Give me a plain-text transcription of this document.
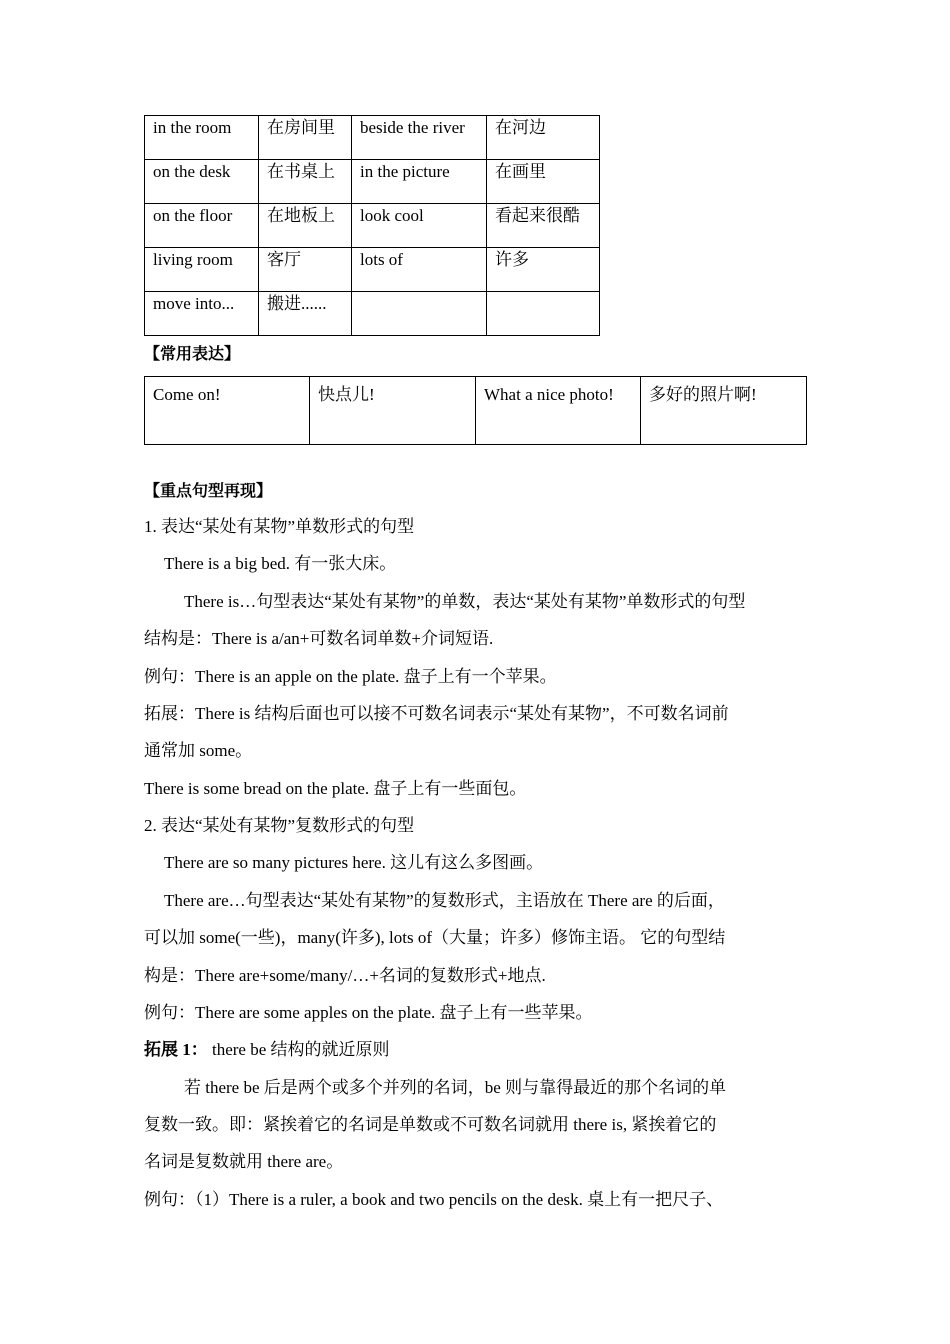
in the room	在房间里	beside the river	在河边
on the desk	在书桌上	in the picture	在画里
on the floor	在地板上	look cool	看起来很酷
living room	客厅	lots of	许多
move into...	搬进......		
【常用表达】
Come on!	快点儿!	What a nice photo!	多好的照片啊!
【重点句型再现】
1. 表达“某处有某物”单数形式的句型
There is a big bed. 有一张大床。
There is…句型表达“某处有某物”的单数，表达“某处有某物”单数形式的句型
结构是：There is a/an+可数名词单数+介词短语.
例句：There is an apple on the plate. 盘子上有一个苹果。
拓展：There is 结构后面也可以接不可数名词表示“某处有某物”，不可数名词前
通常加 some。
There is some bread on the plate. 盘子上有一些面包。
2. 表达“某处有某物”复数形式的句型
There are so many pictures here. 这儿有这么多图画。
There are…句型表达“某处有某物”的复数形式，主语放在 There are 的后面，
可以加 some(一些)，many(许多), lots of（大量；许多）修饰主语。 它的句型结
构是：There are+some/many/…+名词的复数形式+地点.
例句：There are some apples on the plate. 盘子上有一些苹果。
拓展 1： there be 结构的就近原则
若 there be 后是两个或多个并列的名词，be 则与靠得最近的那个名词的单
复数一致。即：紧挨着它的名词是单数或不可数名词就用 there is, 紧挨着它的
名词是复数就用 there are。
例句：（1）There is a ruler, a book and two pencils on the desk. 桌上有一把尺子、
